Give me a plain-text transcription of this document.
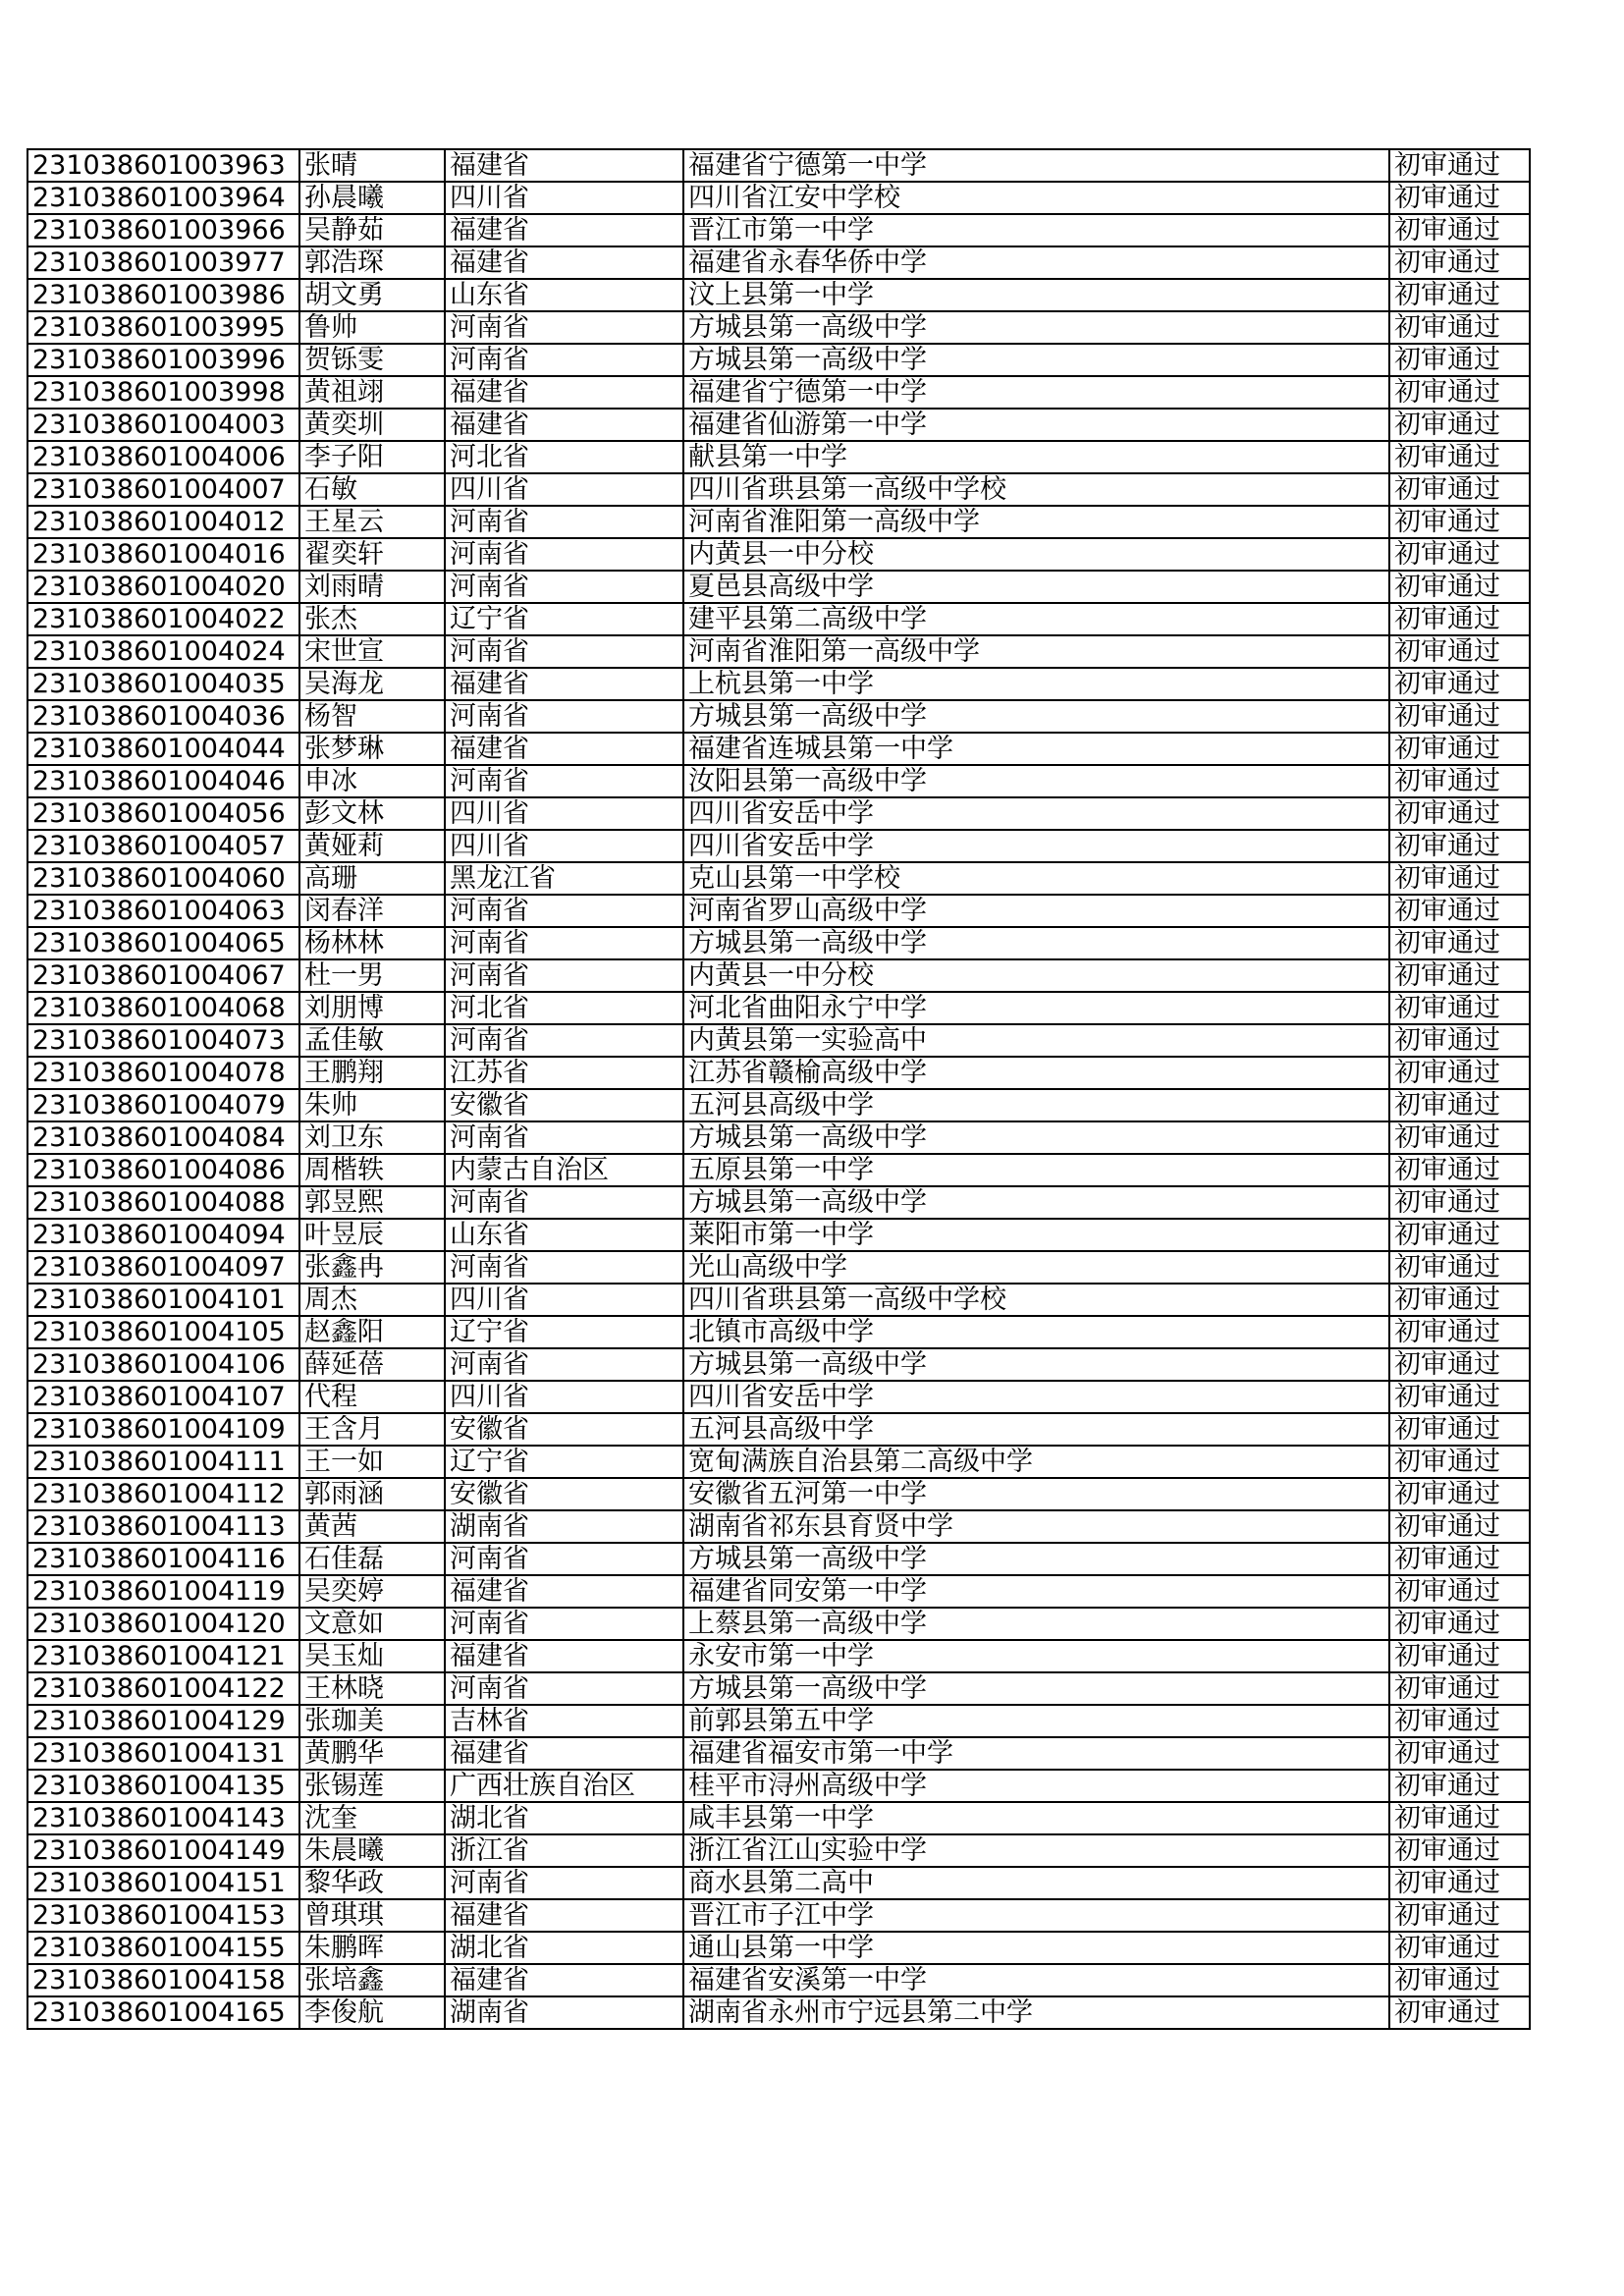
231038601003963	张晴	福建省	福建省宁德第一中学	初审通过
231038601003964	孙晨曦	四川省	四川省江安中学校	初审通过
231038601003966	吴静茹	福建省	晋江市第一中学	初审通过
231038601003977	郭浩琛	福建省	福建省永春华侨中学	初审通过
231038601003986	胡文勇	山东省	汶上县第一中学	初审通过
231038601003995	鲁帅	河南省	方城县第一高级中学	初审通过
231038601003996	贺铄雯	河南省	方城县第一高级中学	初审通过
231038601003998	黄祖翊	福建省	福建省宁德第一中学	初审通过
231038601004003	黄奕圳	福建省	福建省仙游第一中学	初审通过
231038601004006	李子阳	河北省	献县第一中学	初审通过
231038601004007	石敏	四川省	四川省珙县第一高级中学校	初审通过
231038601004012	王星云	河南省	河南省淮阳第一高级中学	初审通过
231038601004016	翟奕轩	河南省	内黄县一中分校	初审通过
231038601004020	刘雨晴	河南省	夏邑县高级中学	初审通过
231038601004022	张杰	辽宁省	建平县第二高级中学	初审通过
231038601004024	宋世宣	河南省	河南省淮阳第一高级中学	初审通过
231038601004035	吴海龙	福建省	上杭县第一中学	初审通过
231038601004036	杨智	河南省	方城县第一高级中学	初审通过
231038601004044	张梦琳	福建省	福建省连城县第一中学	初审通过
231038601004046	申冰	河南省	汝阳县第一高级中学	初审通过
231038601004056	彭文林	四川省	四川省安岳中学	初审通过
231038601004057	黄娅莉	四川省	四川省安岳中学	初审通过
231038601004060	高珊	黑龙江省	克山县第一中学校	初审通过
231038601004063	闵春洋	河南省	河南省罗山高级中学	初审通过
231038601004065	杨林林	河南省	方城县第一高级中学	初审通过
231038601004067	杜一男	河南省	内黄县一中分校	初审通过
231038601004068	刘朋博	河北省	河北省曲阳永宁中学	初审通过
231038601004073	孟佳敏	河南省	内黄县第一实验高中	初审通过
231038601004078	王鹏翔	江苏省	江苏省赣榆高级中学	初审通过
231038601004079	朱帅	安徽省	五河县高级中学	初审通过
231038601004084	刘卫东	河南省	方城县第一高级中学	初审通过
231038601004086	周楷轶	内蒙古自治区	五原县第一中学	初审通过
231038601004088	郭昱熙	河南省	方城县第一高级中学	初审通过
231038601004094	叶昱辰	山东省	莱阳市第一中学	初审通过
231038601004097	张鑫冉	河南省	光山高级中学	初审通过
231038601004101	周杰	四川省	四川省珙县第一高级中学校	初审通过
231038601004105	赵鑫阳	辽宁省	北镇市高级中学	初审通过
231038601004106	薛延蓓	河南省	方城县第一高级中学	初审通过
231038601004107	代程	四川省	四川省安岳中学	初审通过
231038601004109	王含月	安徽省	五河县高级中学	初审通过
231038601004111	王一如	辽宁省	宽甸满族自治县第二高级中学	初审通过
231038601004112	郭雨涵	安徽省	安徽省五河第一中学	初审通过
231038601004113	黄茜	湖南省	湖南省祁东县育贤中学	初审通过
231038601004116	石佳磊	河南省	方城县第一高级中学	初审通过
231038601004119	吴奕婷	福建省	福建省同安第一中学	初审通过
231038601004120	文意如	河南省	上蔡县第一高级中学	初审通过
231038601004121	吴玉灿	福建省	永安市第一中学	初审通过
231038601004122	王林晓	河南省	方城县第一高级中学	初审通过
231038601004129	张珈美	吉林省	前郭县第五中学	初审通过
231038601004131	黄鹏华	福建省	福建省福安市第一中学	初审通过
231038601004135	张锡莲	广西壮族自治区	桂平市浔州高级中学	初审通过
231038601004143	沈奎	湖北省	咸丰县第一中学	初审通过
231038601004149	朱晨曦	浙江省	浙江省江山实验中学	初审通过
231038601004151	黎华政	河南省	商水县第二高中	初审通过
231038601004153	曾琪琪	福建省	晋江市子江中学	初审通过
231038601004155	朱鹏晖	湖北省	通山县第一中学	初审通过
231038601004158	张培鑫	福建省	福建省安溪第一中学	初审通过
231038601004165	李俊航	湖南省	湖南省永州市宁远县第二中学	初审通过
